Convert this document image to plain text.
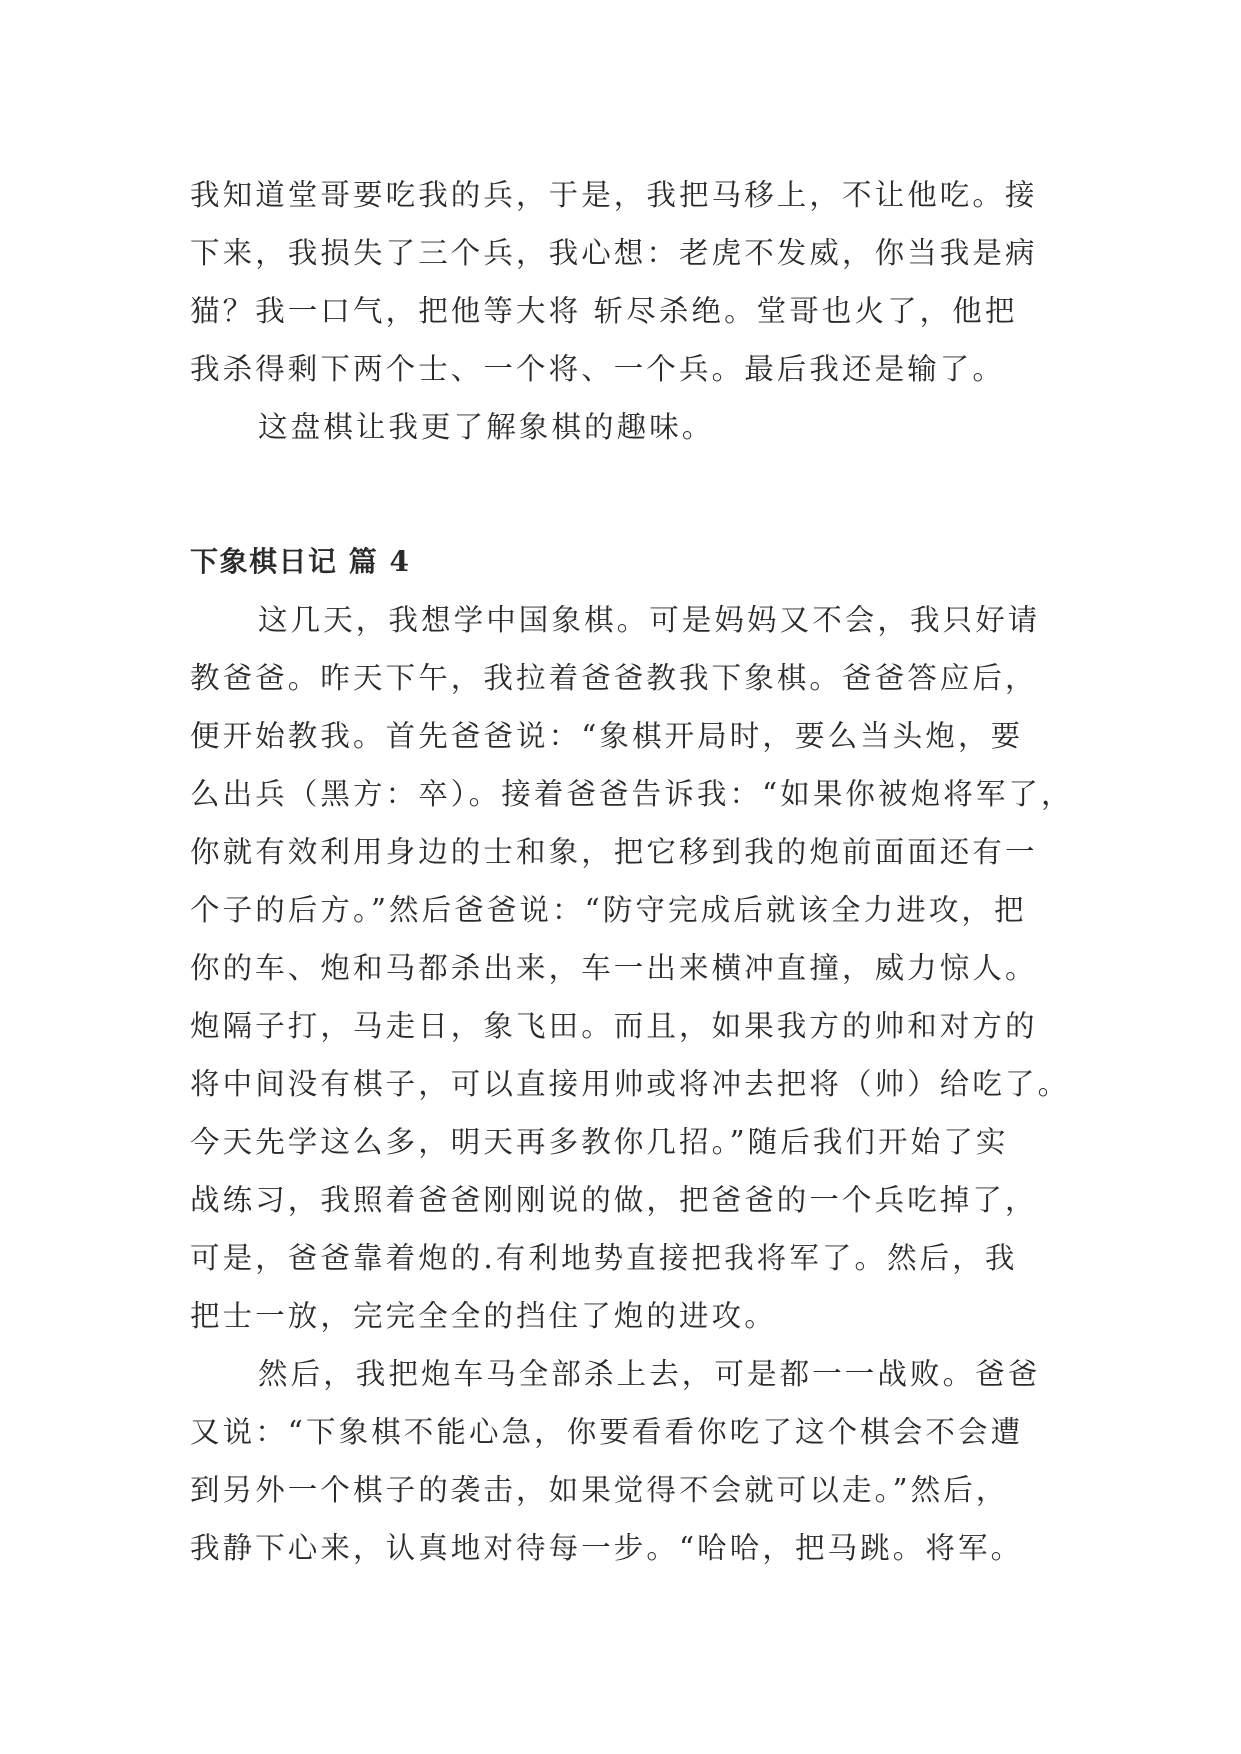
我知道堂哥要吃我的兵，于是，我把马移上，不让他吃。接
下来，我损失了三个兵，我心想：老虎不发威，你当我是病
猫？我一口气，把他等大将 斩尽杀绝。堂哥也火了，他把
我杀得剩下两个士、一个将、一个兵。最后我还是输了。
这盘棋让我更了解象棋的趣味。
下象棋日记 篇 4
这几天，我想学中国象棋。可是妈妈又不会，我只好请
教爸爸。昨天下午，我拉着爸爸教我下象棋。爸爸答应后，
便开始教我。首先爸爸说：“象棋开局时，要么当头炮，要
么出兵（黑方：卒）。接着爸爸告诉我：“如果你被炮将军了，
你就有效利用身边的士和象，把它移到我的炮前面面还有一
个子的后方。”然后爸爸说：“防守完成后就该全力进攻，把
你的车、炮和马都杀出来，车一出来横冲直撞，威力惊人。
炮隔子打，马走日，象飞田。而且，如果我方的帅和对方的
将中间没有棋子，可以直接用帅或将冲去把将（帅）给吃了。
今天先学这么多，明天再多教你几招。”随后我们开始了实
战练习，我照着爸爸刚刚说的做，把爸爸的一个兵吃掉了，
可是，爸爸靠着炮的.有利地势直接把我将军了。然后，我
把士一放，完完全全的挡住了炮的进攻。
然后，我把炮车马全部杀上去，可是都一一战败。爸爸
又说：“下象棋不能心急，你要看看你吃了这个棋会不会遭
到另外一个棋子的袭击，如果觉得不会就可以走。”然后，
我静下心来，认真地对待每一步。“哈哈，把马跳。将军。
